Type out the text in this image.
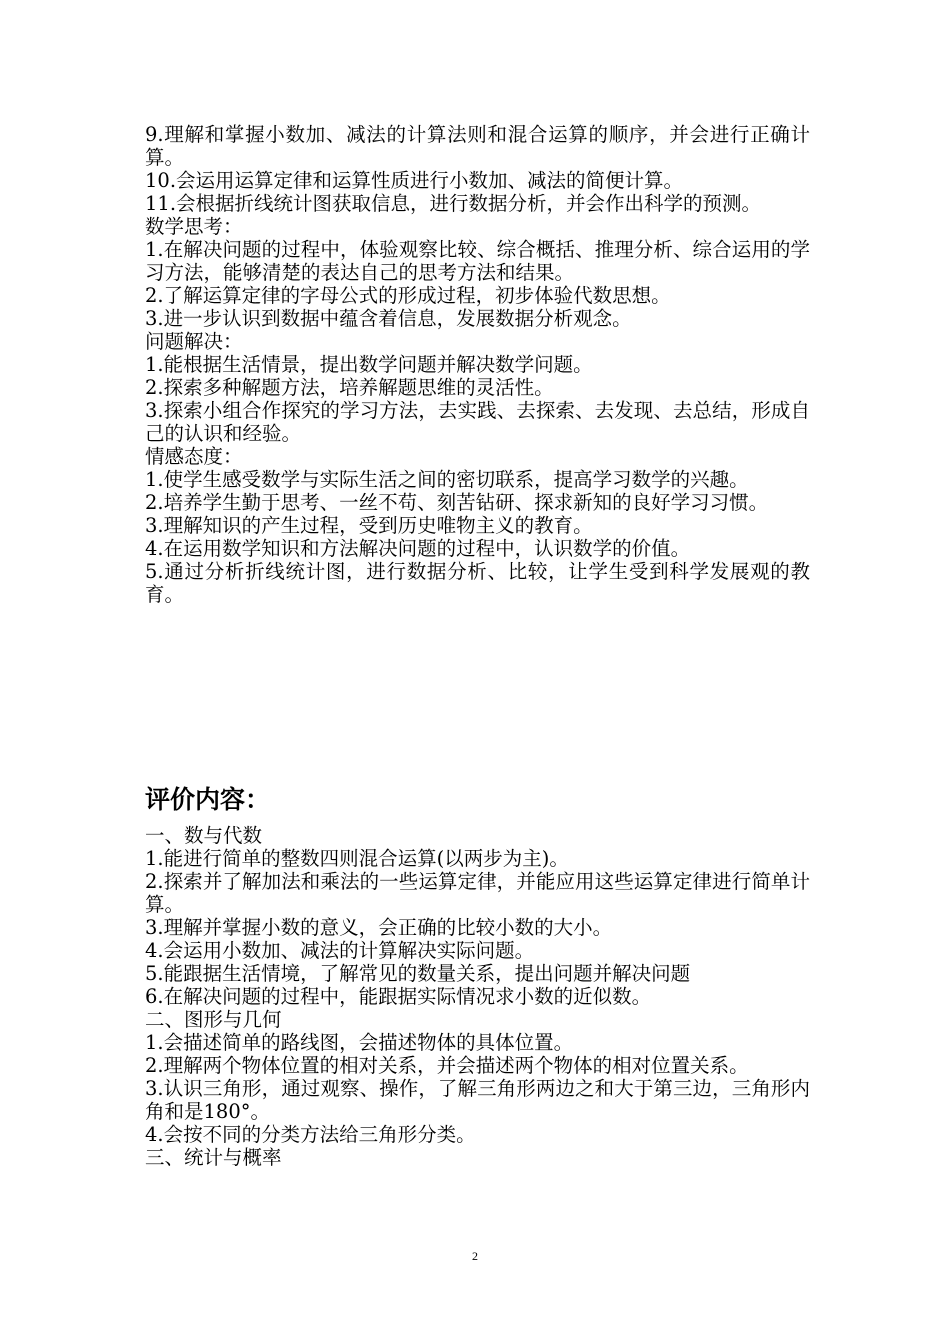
9.理解和掌握小数加、减法的计算法则和混合运算的顺序，并会进行正确计算。

10.会运用运算定律和运算性质进行小数加、减法的简便计算。

11.会根据折线统计图获取信息，进行数据分析，并会作出科学的预测。

数学思考：

1.在解决问题的过程中，体验观察比较、综合概括、推理分析、综合运用的学习方法，能够清楚的表达自己的思考方法和结果。

2.了解运算定律的字母公式的形成过程，初步体验代数思想。

3.进一步认识到数据中蕴含着信息，发展数据分析观念。

问题解决：

1.能根据生活情景，提出数学问题并解决数学问题。

2.探索多种解题方法，培养解题思维的灵活性。

3.探索小组合作探究的学习方法，去实践、去探索、去发现、去总结，形成自己的认识和经验。

情感态度：

1.使学生感受数学与实际生活之间的密切联系，提高学习数学的兴趣。

2.培养学生勤于思考、一丝不苟、刻苦钻研、探求新知的良好学习习惯。

3.理解知识的产生过程，受到历史唯物主义的教育。

4.在运用数学知识和方法解决问题的过程中，认识数学的价值。

5.通过分析折线统计图，进行数据分析、比较，让学生受到科学发展观的教育。

评价内容：

一、数与代数

1.能进行简单的整数四则混合运算(以两步为主)。

2.探索并了解加法和乘法的一些运算定律，并能应用这些运算定律进行简单计算。

3.理解并掌握小数的意义，会正确的比较小数的大小。

4.会运用小数加、减法的计算解决实际问题。

5.能跟据生活情境，了解常见的数量关系，提出问题并解决问题

6.在解决问题的过程中，能跟据实际情况求小数的近似数。

二、图形与几何

1.会描述简单的路线图，会描述物体的具体位置。

2.理解两个物体位置的相对关系，并会描述两个物体的相对位置关系。

3.认识三角形，通过观察、操作，了解三角形两边之和大于第三边，三角形内角和是180°。

4.会按不同的分类方法给三角形分类。

三、统计与概率

2
